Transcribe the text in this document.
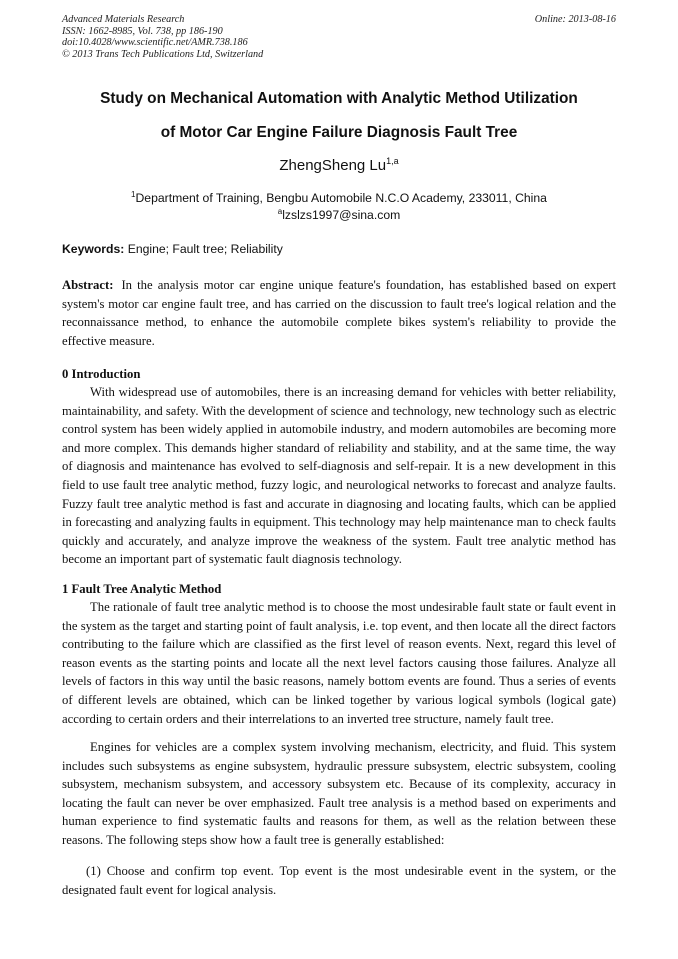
Advanced Materials Research
ISSN: 1662-8985, Vol. 738, pp 186-190
doi:10.4028/www.scientific.net/AMR.738.186
© 2013 Trans Tech Publications Ltd, Switzerland
Online: 2013-08-16
Study on Mechanical Automation with Analytic Method Utilization
of Motor Car Engine Failure Diagnosis Fault Tree
ZhengSheng Lu$^{1,a}$
$^1$Department of Training, Bengbu Automobile N.C.O Academy, 233011, China
$^a$lzslzs1997@sina.com
Keywords: Engine; Fault tree; Reliability

Abstract: In the analysis motor car engine unique feature's foundation, has established based on expert system's motor car engine fault tree, and has carried on the discussion to fault tree's logical relation and the reconnaissance method, to enhance the automobile complete bikes system's reliability to provide the effective measure.

0 Introduction
With widespread use of automobiles, there is an increasing demand for vehicles with better reliability, maintainability, and safety. With the development of science and technology, new technology such as electric control system has been widely applied in automobile industry, and modern automobiles are becoming more and more complex. This demands higher standard of reliability and stability, and at the same time, the way of diagnosis and maintenance has evolved to self-diagnosis and self-repair. It is a new development in this field to use fault tree analytic method, fuzzy logic, and neurological networks to forecast and analyze faults. Fuzzy fault tree analytic method is fast and accurate in diagnosing and locating faults, which can be applied in forecasting and analyzing faults in equipment. This technology may help maintenance man to check faults quickly and accurately, and analyze improve the weakness of the system. Fault tree analytic method has become an important part of systematic fault diagnosis technology.
1 Fault Tree Analytic Method
The rationale of fault tree analytic method is to choose the most undesirable fault state or fault event in the system as the target and starting point of fault analysis, i.e. top event, and then locate all the direct factors contributing to the failure which are classified as the first level of reason events. Next, regard this level of reason events as the starting points and locate all the next level factors causing those failures. Analyze all levels of factors in this way until the basic reasons, namely bottom events are found. Thus a series of events of different levels are obtained, which can be linked together by various logical symbols (logical gate) according to certain orders and their interrelations to an inverted tree structure, namely fault tree.
Engines for vehicles are a complex system involving mechanism, electricity, and fluid. This system includes such subsystems as engine subsystem, hydraulic pressure subsystem, electric subsystem, cooling subsystem, mechanism subsystem, and accessory subsystem etc. Because of its complexity, accuracy in locating the fault can never be over emphasized. Fault tree analysis is a method based on experiments and human experience to find systematic faults and reasons for them, as well as the relation between these reasons. The following steps show how a fault tree is generally established:
(1) Choose and confirm top event. Top event is the most undesirable event in the system, or the designated fault event for logical analysis.
